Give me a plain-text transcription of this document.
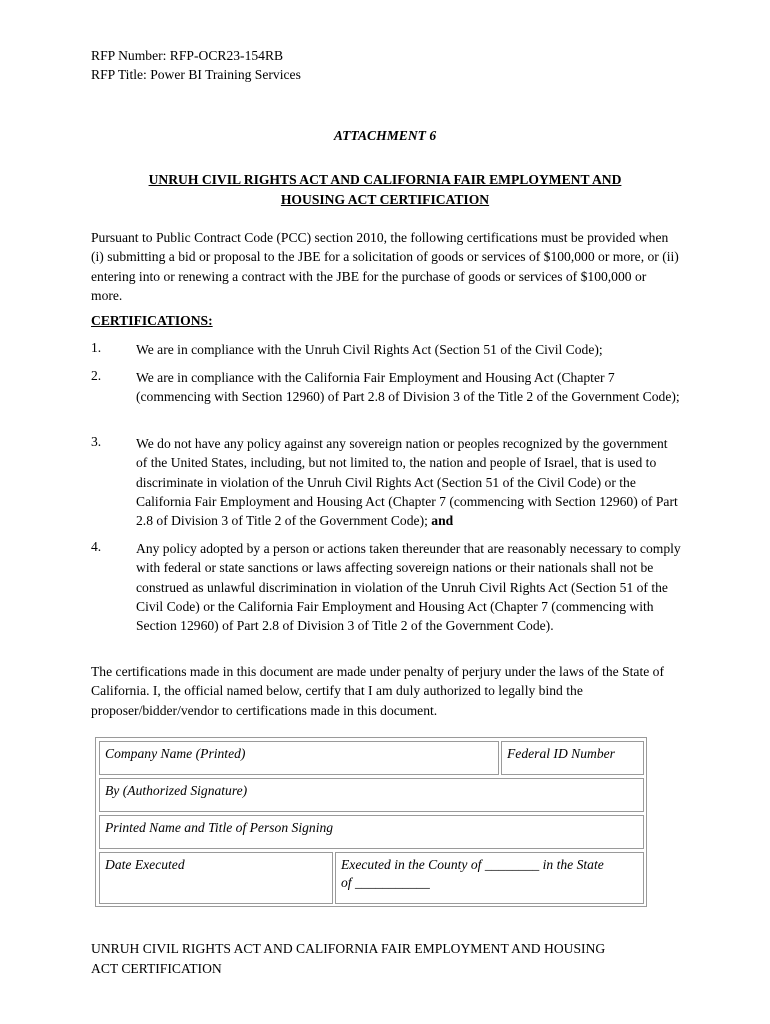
RFP Number: RFP-OCR23-154RB
RFP Title: Power BI Training Services
ATTACHMENT 6
UNRUH CIVIL RIGHTS ACT AND CALIFORNIA FAIR EMPLOYMENT AND
HOUSING ACT CERTIFICATION
Pursuant to Public Contract Code (PCC) section 2010, the following certifications must be provided when (i) submitting a bid or proposal to the JBE for a solicitation of goods or services of $100,000 or more, or (ii) entering into or renewing a contract with the JBE for the purchase of goods or services of $100,000 or more.
CERTIFICATIONS:
1.	We are in compliance with the Unruh Civil Rights Act (Section 51 of the Civil Code);
2.	We are in compliance with the California Fair Employment and Housing Act (Chapter 7 (commencing with Section 12960) of Part 2.8 of Division 3 of the Title 2 of the Government Code);
3.	We do not have any policy against any sovereign nation or peoples recognized by the government of the United States, including, but not limited to, the nation and people of Israel, that is used to discriminate in violation of the Unruh Civil Rights Act (Section 51 of the Civil Code) or the California Fair Employment and Housing Act (Chapter 7 (commencing with Section 12960) of Part 2.8 of Division 3 of Title 2 of the Government Code); and
4.	Any policy adopted by a person or actions taken thereunder that are reasonably necessary to comply with federal or state sanctions or laws affecting sovereign nations or their nationals shall not be construed as unlawful discrimination in violation of the Unruh Civil Rights Act (Section 51 of the Civil Code) or the California Fair Employment and Housing Act (Chapter 7 (commencing with Section 12960) of Part 2.8 of Division 3 of Title 2 of the Government Code).
The certifications made in this document are made under penalty of perjury under the laws of the State of California. I, the official named below, certify that I am duly authorized to legally bind the proposer/bidder/vendor to certifications made in this document.
Company Name (Printed)	Federal ID Number
By (Authorized Signature)
Printed Name and Title of Person Signing
Date Executed	Executed in the County of ________ in the State
of ___________
UNRUH CIVIL RIGHTS ACT AND CALIFORNIA FAIR EMPLOYMENT AND HOUSING
ACT CERTIFICATION
